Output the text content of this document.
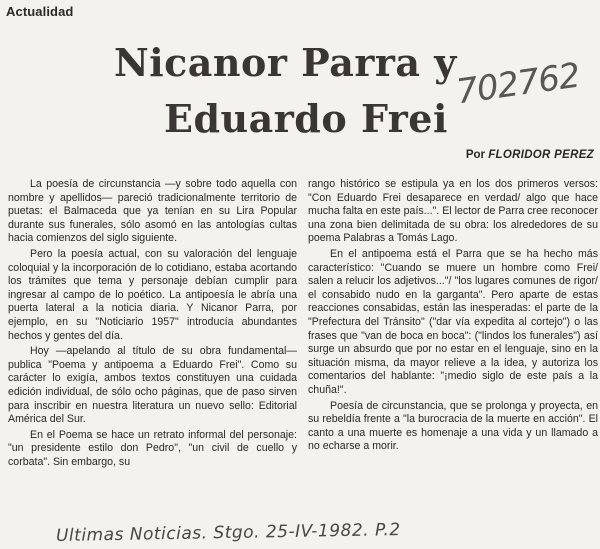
Actualidad
Nicanor Parra y
Eduardo Frei
702762
Por FLORIDOR PEREZ

La poesía de circunstancia —y sobre todo aquella con nombre y apellidos— pareció tradicionalmente territorio de puetas: el Balmaceda que ya tenían en su Lira Popular durante sus funerales, sólo asomó en las antologías cultas hacia comienzos del siglo siguiente.

Pero la poesía actual, con su valoración del lenguaje coloquial y la incorporación de lo cotidiano, estaba acortando los trámites que tema y personaje debían cumplir para ingresar al campo de lo poético. La antipoesía le abría una puerta lateral a la noticia diaria. Y Nicanor Parra, por ejemplo, en su "Noticiario 1957" introducía abundantes hechos y gentes del día.

Hoy —apelando al título de su obra fundamental— publica "Poema y antipoema a Eduardo Frei". Como su carácter lo exigía, ambos textos constituyen una cuidada edición individual, de sólo ocho páginas, que de paso sirven para inscribir en nuestra literatura un nuevo sello: Editorial América del Sur.

En el Poema se hace un retrato informal del personaje: "un presidente estilo don Pedro", "un civil de cuello y corbata". Sin embargo, su

rango histórico se estipula ya en los dos primeros versos: "Con Eduardo Frei desaparece en verdad/ algo que hace mucha falta en este país...". El lector de Parra cree reconocer una zona bien delimitada de su obra: los alrededores de su poema Palabras a Tomás Lago.

En el antipoema está el Parra que se ha hecho más característico: "Cuando se muere un hombre como Frei/ salen a relucir los adjetivos..."/ "los lugares comunes de rigor/ el consabido nudo en la garganta". Pero aparte de estas reacciones consabidas, están las inesperadas: el parte de la "Prefectura del Tránsito" ("dar vía expedita al cortejo") o las frases que "van de boca en boca": ("lindos los funerales") así surge un absurdo que por no estar en el lenguaje, sino en la situación misma, da mayor relieve a la idea, y autoriza los comentarios del hablante: "¡medio siglo de este país a la chuña!".

Poesía de circunstancia, que se prolonga y proyecta, en su rebeldía frente a "la burocracia de la muerte en acción". El canto a una muerte es homenaje a una vida y un llamado a no echarse a morir.

Ultimas Noticias. Stgo. 25-IV-1982. P.2
